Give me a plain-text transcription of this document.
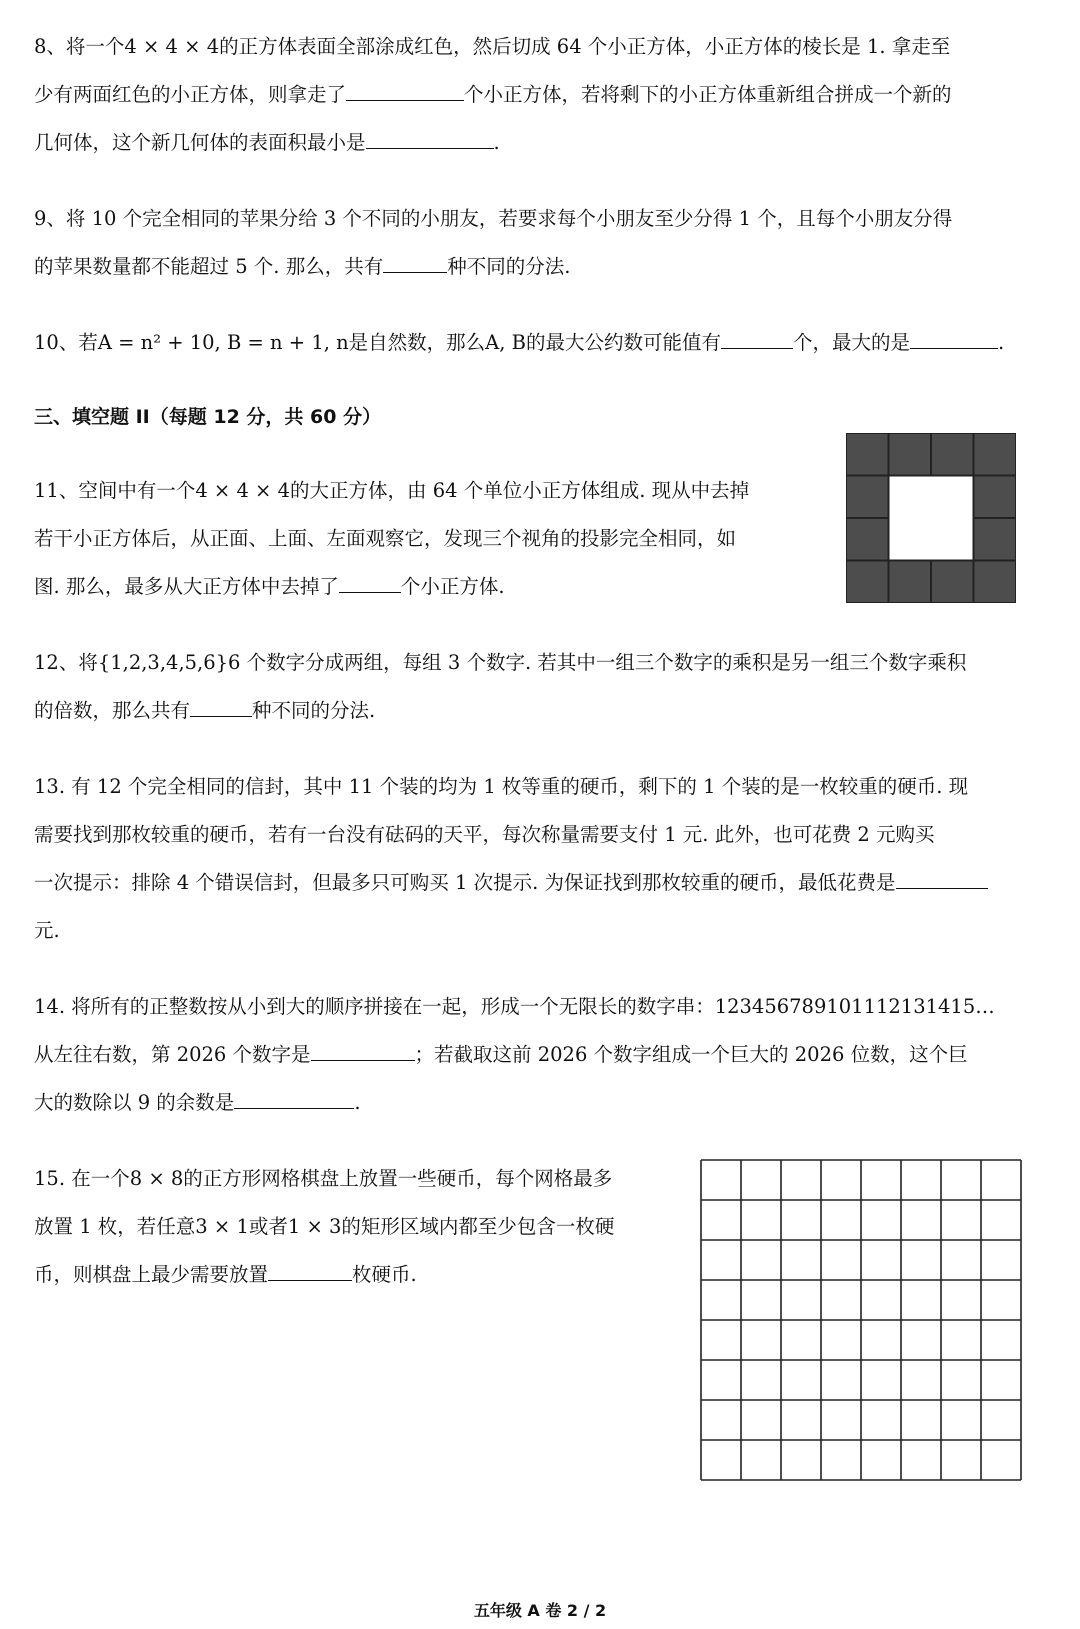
8、将一个4 × 4 × 4的正方体表面全部涂成红色，然后切成 64 个小正方体，小正方体的棱长是 1. 拿走至
少有两面红色的小正方体，则拿走了	个小正方体，若将剩下的小正方体重新组合拼成一个新的
几何体，这个新几何体的表面积最小是	.
9、将 10 个完全相同的苹果分给 3 个不同的小朋友，若要求每个小朋友至少分得 1 个，且每个小朋友分得
的苹果数量都不能超过 5 个. 那么，共有	种不同的分法.
10、若A = n² + 10, B = n + 1, n是自然数，那么A, B的最大公约数可能值有	个，最大的是	.
三、填空题 II（每题 12 分，共 60 分）
11、空间中有一个4 × 4 × 4的大正方体，由 64 个单位小正方体组成. 现从中去掉
若干小正方体后，从正面、上面、左面观察它，发现三个视角的投影完全相同，如
图. 那么，最多从大正方体中去掉了	个小正方体.
12、将{1,2,3,4,5,6}6 个数字分成两组，每组 3 个数字. 若其中一组三个数字的乘积是另一组三个数字乘积
的倍数，那么共有	种不同的分法.
13. 有 12 个完全相同的信封，其中 11 个装的均为 1 枚等重的硬币，剩下的 1 个装的是一枚较重的硬币. 现
需要找到那枚较重的硬币，若有一台没有砝码的天平，每次称量需要支付 1 元. 此外，也可花费 2 元购买
一次提示：排除 4 个错误信封，但最多只可购买 1 次提示. 为保证找到那枚较重的硬币，最低花费是
元.
14. 将所有的正整数按从小到大的顺序拼接在一起，形成一个无限长的数字串：123456789101112131415…
从左往右数，第 2026 个数字是	；若截取这前 2026 个数字组成一个巨大的 2026 位数，这个巨
大的数除以 9 的余数是	.
15. 在一个8 × 8的正方形网格棋盘上放置一些硬币，每个网格最多
放置 1 枚，若任意3 × 1或者1 × 3的矩形区域内都至少包含一枚硬
币，则棋盘上最少需要放置	枚硬币.
五年级 A 卷 2 / 2
